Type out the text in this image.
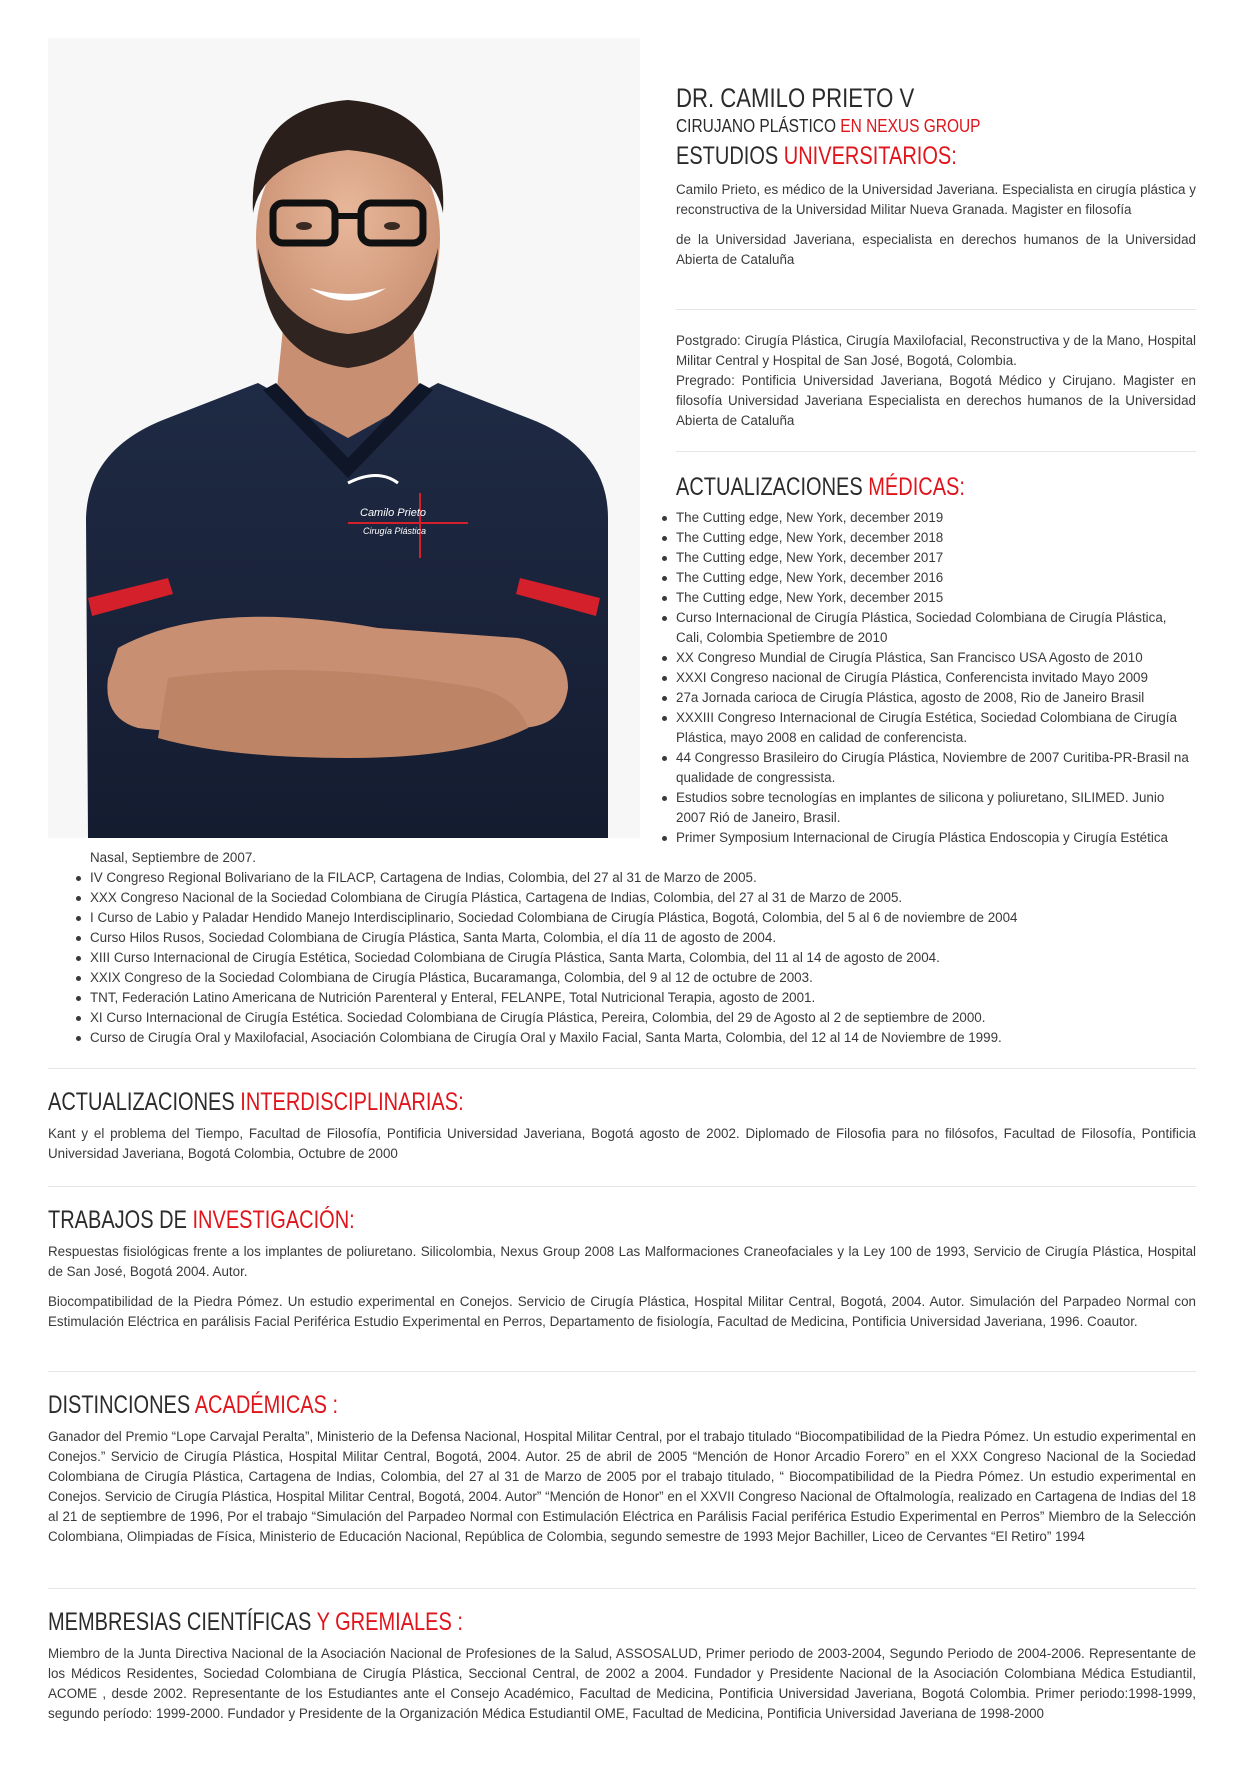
Camilo Prieto
Cirugía Plástica
DR. CAMILO PRIETO V
CIRUJANO PLÁSTICO EN NEXUS GROUP
ESTUDIOS UNIVERSITARIOS:

Camilo Prieto, es médico de la Universidad Javeriana. Especialista en cirugía plástica y reconstructiva de la Universidad Militar Nueva Granada. Magister en filosofía

de la Universidad Javeriana, especialista en derechos humanos de la Universidad Abierta de Cataluña

Postgrado: Cirugía Plástica, Cirugía Maxilofacial, Reconstructiva y de la Mano, Hospital Militar Central y Hospital de San José, Bogotá, Colombia.

Pregrado: Pontificia Universidad Javeriana, Bogotá Médico y Cirujano. Magister en filosofía Universidad Javeriana Especialista en derechos humanos de la Universidad Abierta de Cataluña

ACTUALIZACIONES MÉDICAS:
The Cutting edge, New York, december 2019
The Cutting edge, New York, december 2018
The Cutting edge, New York, december 2017
The Cutting edge, New York, december 2016
The Cutting edge, New York, december 2015
Curso Internacional de Cirugía Plástica, Sociedad Colombiana de Cirugía Plástica, Cali, Colombia Spetiembre de 2010
XX Congreso Mundial de Cirugía Plástica, San Francisco USA Agosto de 2010
XXXI Congreso nacional de Cirugía Plástica, Conferencista invitado Mayo 2009
27a Jornada carioca de Cirugía Plástica, agosto de 2008, Rio de Janeiro Brasil
XXXIII Congreso Internacional de Cirugía Estética, Sociedad Colombiana de Cirugía Plástica, mayo 2008 en calidad de conferencista.
44 Congresso Brasileiro do Cirugía Plástica, Noviembre de 2007 Curitiba-PR-Brasil na qualidade de congressista.
Estudios sobre tecnologías en implantes de silicona y poliuretano, SILIMED. Junio 2007 Rió de Janeiro, Brasil.
Primer Symposium Internacional de Cirugía Plástica Endoscopia y Cirugía Estética
Nasal, Septiembre de 2007.
IV Congreso Regional Bolivariano de la FILACP, Cartagena de Indias, Colombia, del 27 al 31 de Marzo de 2005.
XXX Congreso Nacional de la Sociedad Colombiana de Cirugía Plástica, Cartagena de Indias, Colombia, del 27 al 31 de Marzo de 2005.
I Curso de Labio y Paladar Hendido Manejo Interdisciplinario, Sociedad Colombiana de Cirugía Plástica, Bogotá, Colombia, del 5 al 6 de noviembre de 2004
Curso Hilos Rusos, Sociedad Colombiana de Cirugía Plástica, Santa Marta, Colombia, el día 11 de agosto de 2004.
XIII Curso Internacional de Cirugía Estética, Sociedad Colombiana de Cirugía Plástica, Santa Marta, Colombia, del 11 al 14 de agosto de 2004.
XXIX Congreso de la Sociedad Colombiana de Cirugía Plástica, Bucaramanga, Colombia, del 9 al 12 de octubre de 2003.
TNT, Federación Latino Americana de Nutrición Parenteral y Enteral, FELANPE, Total Nutricional Terapia, agosto de 2001.
XI Curso Internacional de Cirugía Estética. Sociedad Colombiana de Cirugía Plástica, Pereira, Colombia, del 29 de Agosto al 2 de septiembre de 2000.
Curso de Cirugía Oral y Maxilofacial, Asociación Colombiana de Cirugía Oral y Maxilo Facial, Santa Marta, Colombia, del 12 al 14 de Noviembre de 1999.
ACTUALIZACIONES INTERDISCIPLINARIAS:

Kant y el problema del Tiempo, Facultad de Filosofía, Pontificia Universidad Javeriana, Bogotá agosto de 2002. Diplomado de Filosofia para no filósofos, Facultad de Filosofía, Pontificia Universidad Javeriana, Bogotá Colombia, Octubre de 2000

TRABAJOS DE INVESTIGACIÓN:

Respuestas fisiológicas frente a los implantes de poliuretano. Silicolombia, Nexus Group 2008 Las Malformaciones Craneofaciales y la Ley 100 de 1993, Servicio de Cirugía Plástica, Hospital de San José, Bogotá 2004. Autor.

Biocompatibilidad de la Piedra Pómez. Un estudio experimental en Conejos. Servicio de Cirugía Plástica, Hospital Militar Central, Bogotá, 2004. Autor. Simulación del Parpadeo Normal con Estimulación Eléctrica en parálisis Facial Periférica Estudio Experimental en Perros, Departamento de fisiología, Facultad de Medicina, Pontificia Universidad Javeriana, 1996. Coautor.

DISTINCIONES ACADÉMICAS :

Ganador del Premio “Lope Carvajal Peralta”, Ministerio de la Defensa Nacional, Hospital Militar Central, por el trabajo titulado “Biocompatibilidad de la Piedra Pómez. Un estudio experimental en Conejos.” Servicio de Cirugía Plástica, Hospital Militar Central, Bogotá, 2004. Autor. 25 de abril de 2005 “Mención de Honor Arcadio Forero” en el XXX Congreso Nacional de la Sociedad Colombiana de Cirugía Plástica, Cartagena de Indias, Colombia, del 27 al 31 de Marzo de 2005 por el trabajo titulado, “ Biocompatibilidad de la Piedra Pómez. Un estudio experimental en Conejos. Servicio de Cirugía Plástica, Hospital Militar Central, Bogotá, 2004. Autor” “Mención de Honor” en el XXVII Congreso Nacional de Oftalmología, realizado en Cartagena de Indias del 18 al 21 de septiembre de 1996, Por el trabajo “Simulación del Parpadeo Normal con Estimulación Eléctrica en Parálisis Facial periférica Estudio Experimental en Perros” Miembro de la Selección Colombiana, Olimpiadas de Física, Ministerio de Educación Nacional, República de Colombia, segundo semestre de 1993 Mejor Bachiller, Liceo de Cervantes “El Retiro” 1994

MEMBRESIAS CIENTÍFICAS Y GREMIALES :

Miembro de la Junta Directiva Nacional de la Asociación Nacional de Profesiones de la Salud, ASSOSALUD, Primer periodo de 2003-2004, Segundo Periodo de 2004-2006. Representante de los Médicos Residentes, Sociedad Colombiana de Cirugía Plástica, Seccional Central, de 2002 a 2004. Fundador y Presidente Nacional de la Asociación Colombiana Médica Estudiantil, ACOME , desde 2002. Representante de los Estudiantes ante el Consejo Académico, Facultad de Medicina, Pontificia Universidad Javeriana, Bogotá Colombia. Primer periodo:1998-1999, segundo período: 1999-2000. Fundador y Presidente de la Organización Médica Estudiantil OME, Facultad de Medicina, Pontificia Universidad Javeriana de 1998-2000
